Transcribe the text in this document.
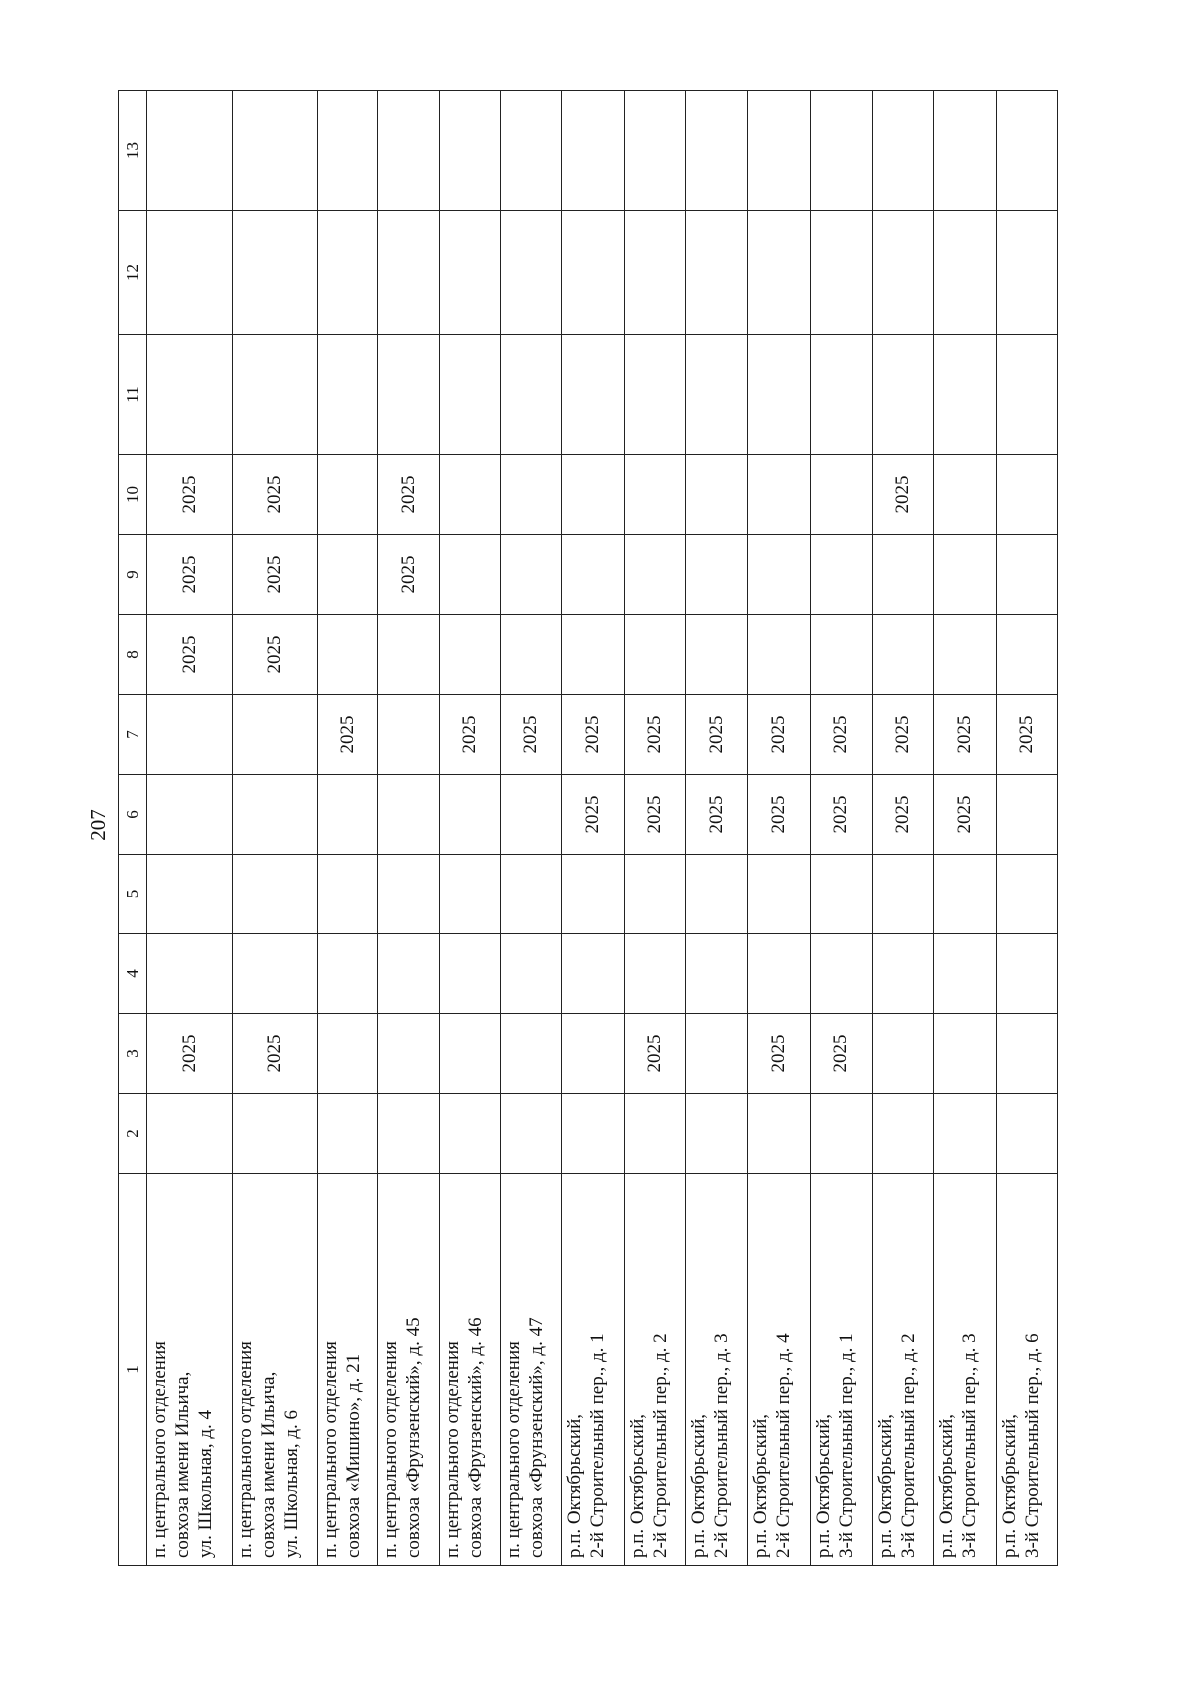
207
1	2	3	4	5	6	7	8	9	10	11	12	13

п. центрального отделения совхоза имени Ильича, ул. Школьная, д. 4		2025					2025	2025	2025			

п. центрального отделения совхоза имени Ильича, ул. Школьная, д. 6		2025					2025	2025	2025			

п. центрального отделения совхоза «Мишино», д. 21						2025						

п. центрального отделения совхоза «Фрунзенский», д. 45								2025	2025			

п. центрального отделения совхоза «Фрунзенский», д. 46						2025						

п. центрального отделения совхоза «Фрунзенский», д. 47						2025						

р.п. Октябрьский, 2-й Строительный пер., д. 1					2025	2025						

р.п. Октябрьский, 2-й Строительный пер., д. 2		2025			2025	2025						

р.п. Октябрьский, 2-й Строительный пер., д. 3					2025	2025						

р.п. Октябрьский, 2-й Строительный пер., д. 4		2025			2025	2025						

р.п. Октябрьский, 3-й Строительный пер., д. 1		2025			2025	2025						

р.п. Октябрьский, 3-й Строительный пер., д. 2					2025	2025			2025			

р.п. Октябрьский, 3-й Строительный пер., д. 3					2025	2025						

р.п. Октябрьский, 3-й Строительный пер., д. 6						2025						
